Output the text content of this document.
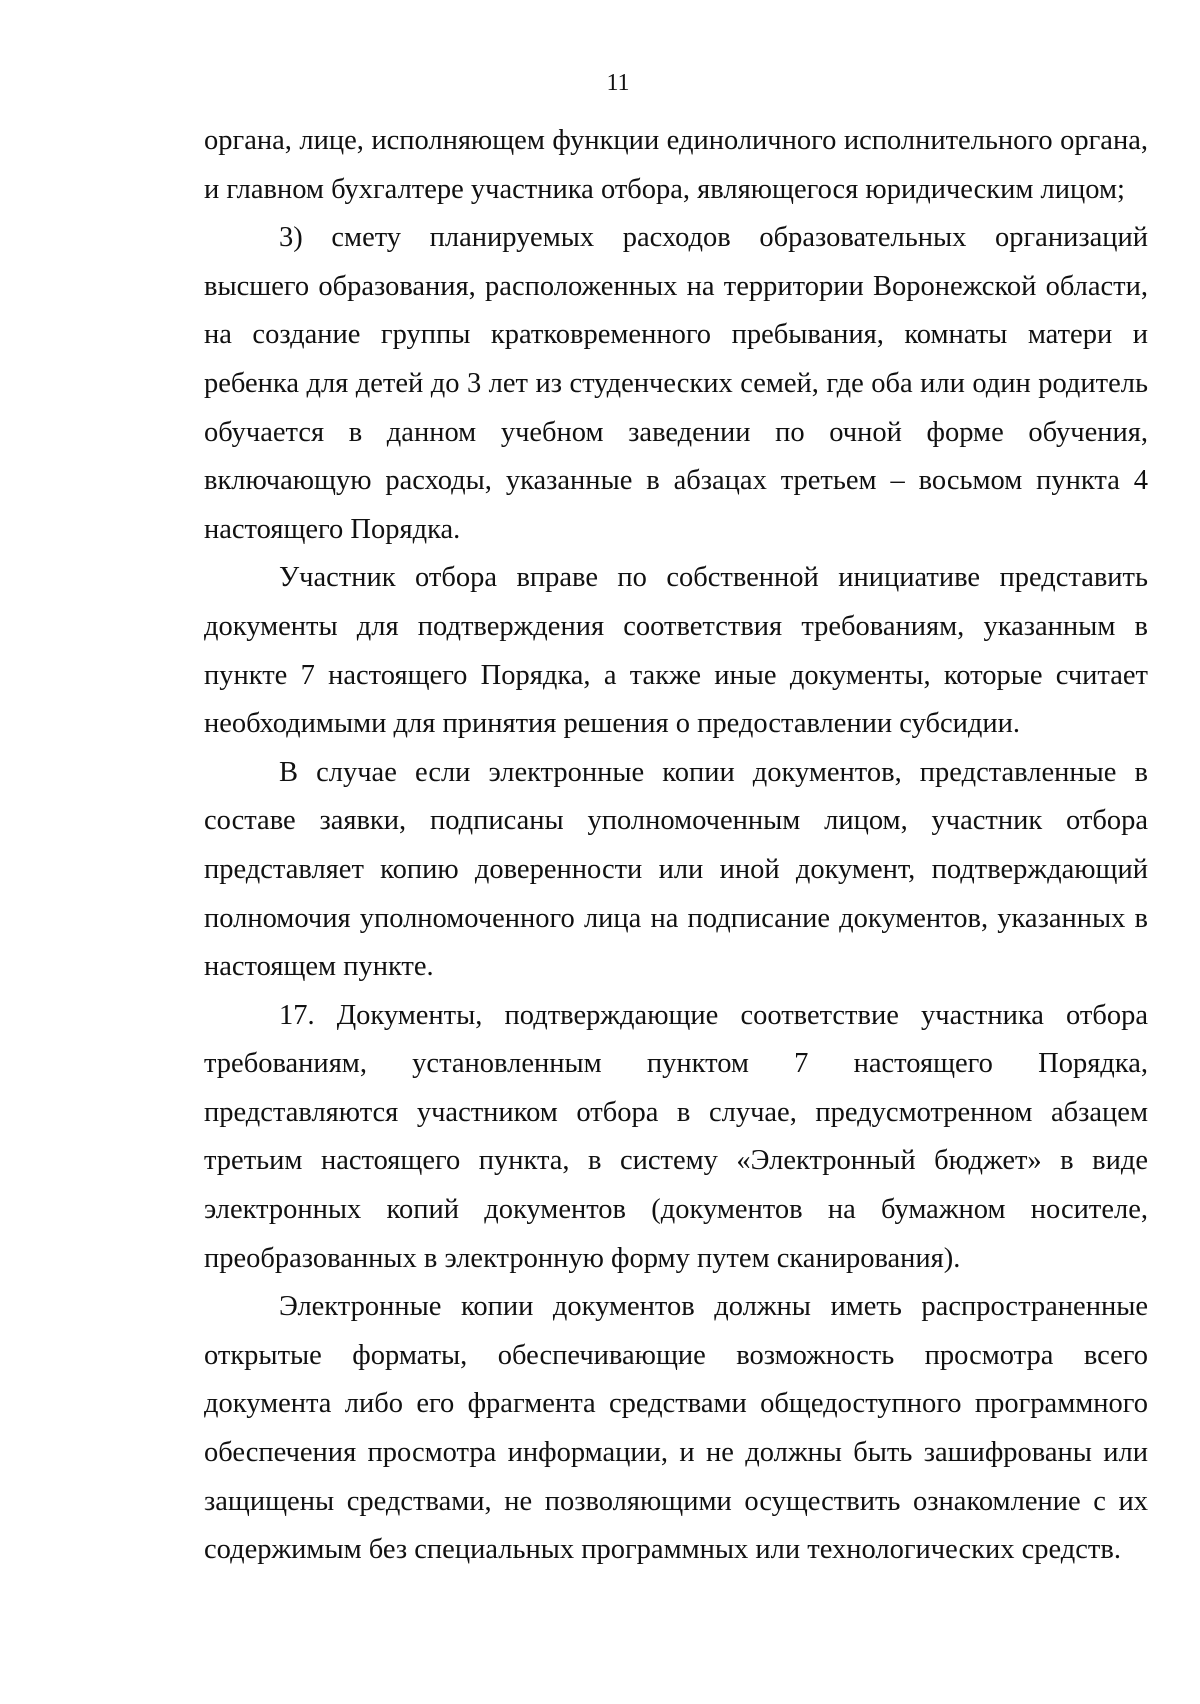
11

органа, лице, исполняющем функции единоличного исполнительного органа, и главном бухгалтере участника отбора, являющегося юридическим лицом;

3) смету планируемых расходов образовательных организаций высшего образования, расположенных на территории Воронежской области, на создание группы кратковременного пребывания, комнаты матери и ребенка для детей до 3 лет из студенческих семей, где оба или один родитель обучается в данном учебном заведении по очной форме обучения, включающую расходы, указанные в абзацах третьем – восьмом пункта 4 настоящего Порядка.

Участник отбора вправе по собственной инициативе представить документы для подтверждения соответствия требованиям, указанным в пункте 7 настоящего Порядка, а также иные документы, которые считает необходимыми для принятия решения о предоставлении субсидии.

В случае если электронные копии документов, представленные в составе заявки, подписаны уполномоченным лицом, участник отбора представляет копию доверенности или иной документ, подтверждающий полномочия уполномоченного лица на подписание документов, указанных в настоящем пункте.

17. Документы, подтверждающие соответствие участника отбора требованиям, установленным пунктом 7 настоящего Порядка, представляются участником отбора в случае, предусмотренном абзацем третьим настоящего пункта, в систему «Электронный бюджет» в виде электронных копий документов (документов на бумажном носителе, преобразованных в электронную форму путем сканирования).

Электронные копии документов должны иметь распространенные открытые форматы, обеспечивающие возможность просмотра всего документа либо его фрагмента средствами общедоступного программного обеспечения просмотра информации, и не должны быть зашифрованы или защищены средствами, не позволяющими осуществить ознакомление с их содержимым без специальных программных или технологических средств.
